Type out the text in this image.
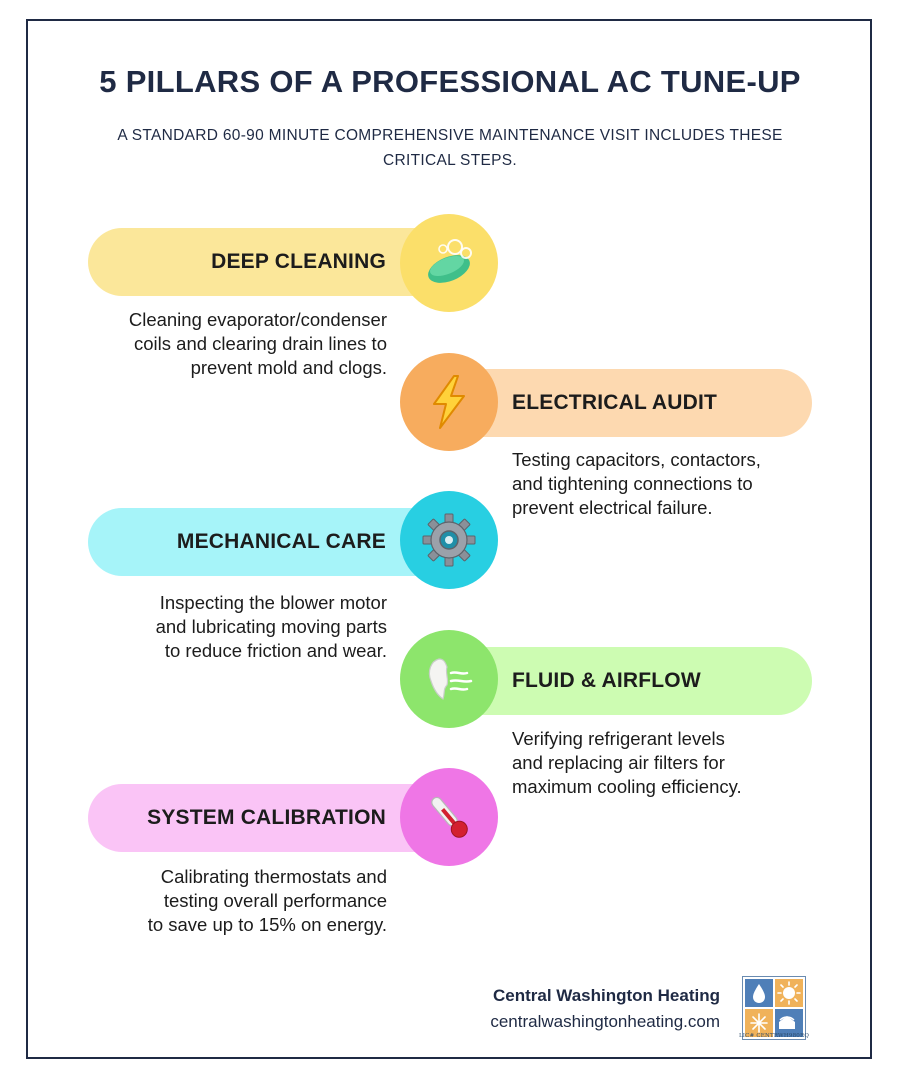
5 PILLARS OF A PROFESSIONAL AC TUNE-UP
A STANDARD 60-90 MINUTE COMPREHENSIVE MAINTENANCE VISIT INCLUDES THESE
CRITICAL STEPS.
DEEP CLEANING
Cleaning evaporator/condenser
coils and clearing drain lines to
prevent mold and clogs.
ELECTRICAL AUDIT
Testing capacitors, contactors,
and tightening connections to
prevent electrical failure.
MECHANICAL CARE
Inspecting the blower motor
and lubricating moving parts
to reduce friction and wear.
FLUID & AIRFLOW
Verifying refrigerant levels
and replacing air filters for
maximum cooling efficiency.
SYSTEM CALIBRATION
Calibrating thermostats and
testing overall performance
to save up to 15% on energy.
Central Washington Heating
centralwashingtonheating.com
LIC# CENTRWH980RQ
